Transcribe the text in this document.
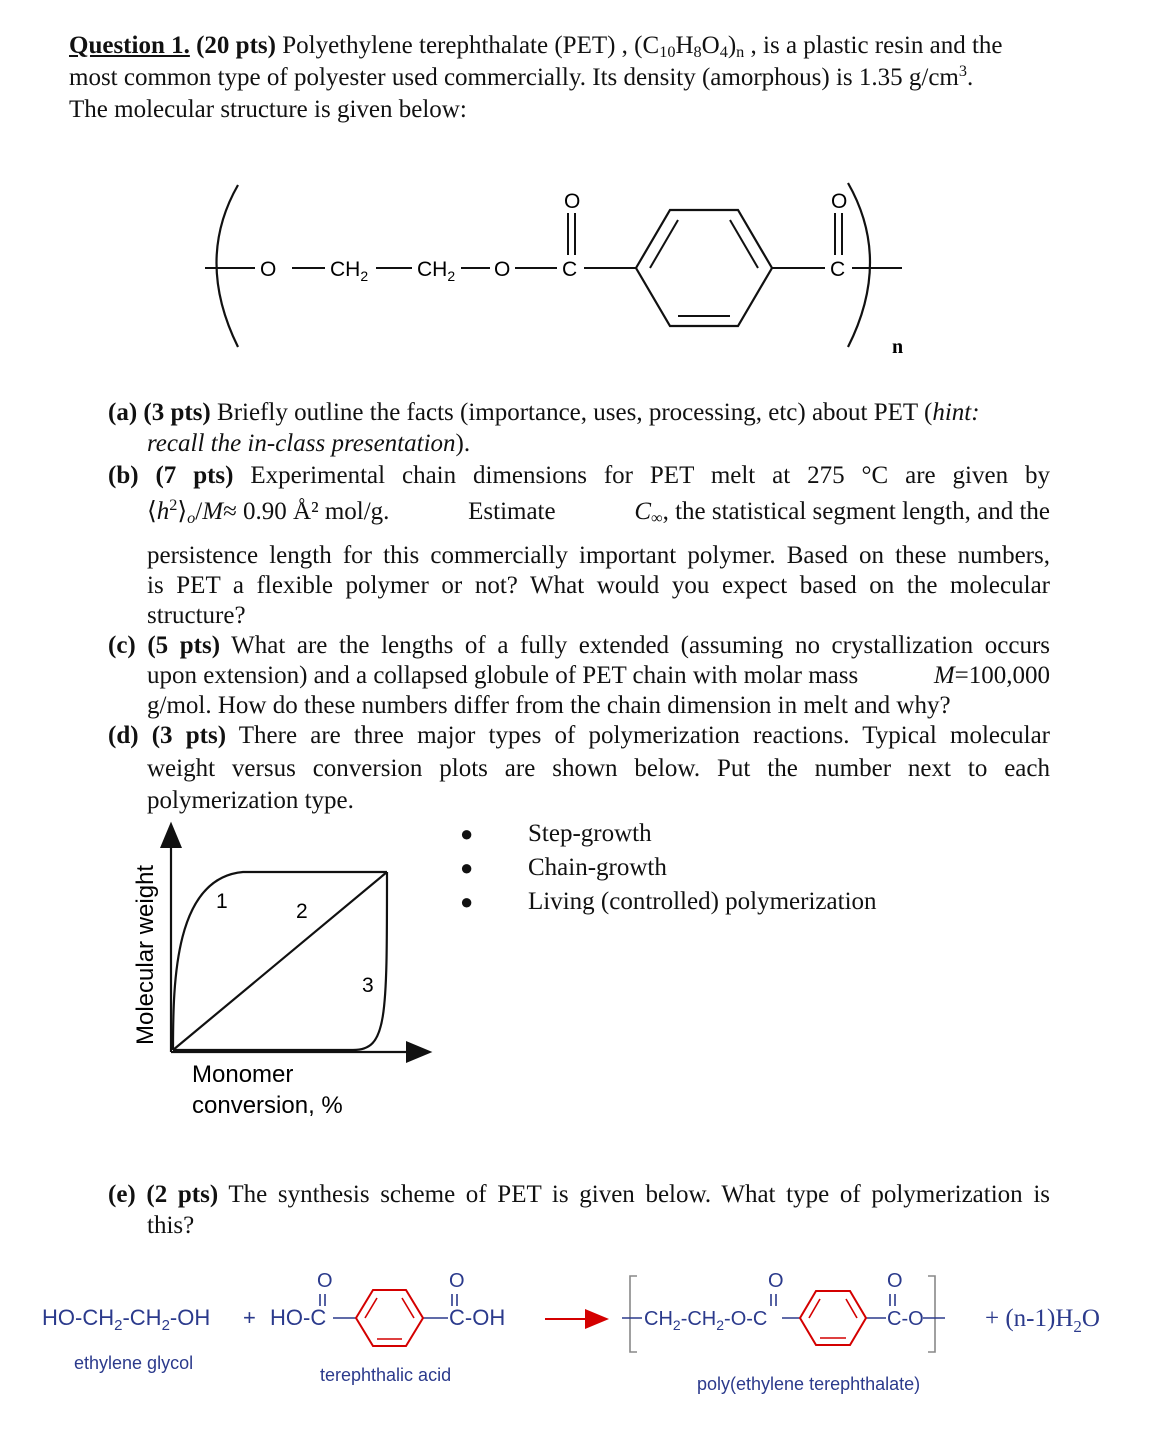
Question 1. (20 pts) Polyethylene terephthalate (PET) , $(C_{10}H_8O_4)_n$ , is a plastic resin and the
most common type of polyester used commercially. Its density (amorphous) is 1.35 $g/cm^3$.
The molecular structure is given below:
O	$CH_2$ $CH_2$ O C
O
C
O
n
(a) (3 pts) Briefly outline the facts (importance, uses, processing, etc) about PET (hint:
recall the in-class presentation).
(b) (7 pts) Experimental chain dimensions for PET melt at 275 °C are given by
$⟨h^2⟩_o/M\approx 0.90$ Å² mol/g.	Estimate	$C_\infty$, the statistical segment length, and the
persistence length for this commercially important polymer. Based on these numbers,
is PET a flexible polymer or not? What would you expect based on the molecular
structure?
(c) (5 pts) What are the lengths of a fully extended (assuming no crystallization occurs
upon extension) and a collapsed globule of PET chain with molar mass	M=100,000
g/mol. How do these numbers differ from the chain dimension in melt and why?
(d) (3 pts) There are three major types of polymerization reactions. Typical molecular
weight versus conversion plots are shown below. Put the number next to each
polymerization type.
1	2
3
Molecular weight
Monomer
conversion, %
● Step-growth
● Chain-growth
● Living (controlled) polymerization
(e) (2 pts) The synthesis scheme of PET is given below. What type of polymerization is
this?
$HO-CH_2-CH_2-OH + HO-C$
O	O
C-OH	$CH_2-CH_2-O-C$
O	O
$C-O + (n-1)H_2O$
ethylene glycol
terephthalic acid	poly(ethylene terephthalate)
